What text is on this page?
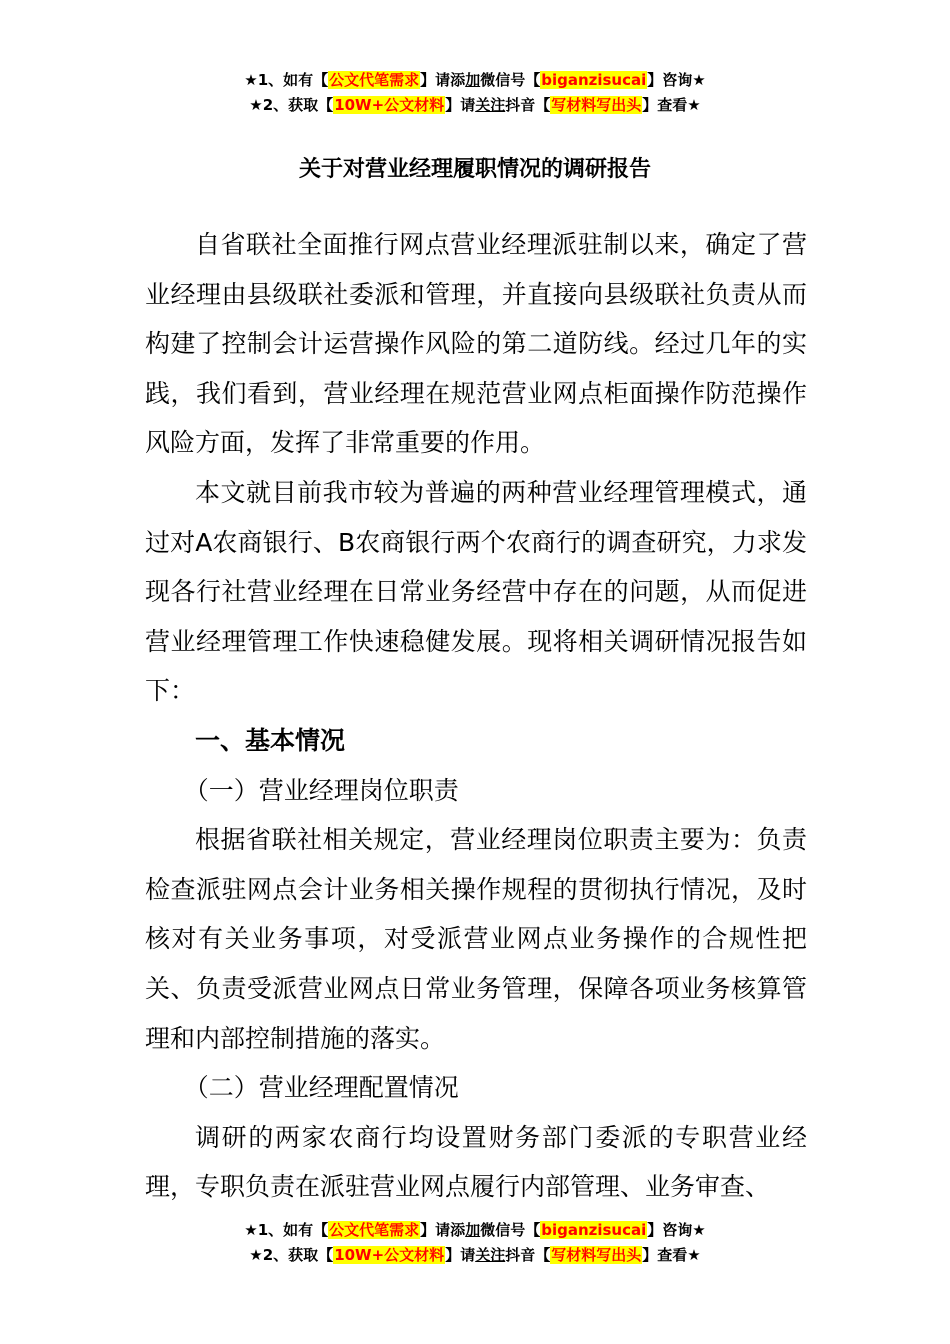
★1、如有【公文代笔需求】请添加微信号【biganzisucai】咨询★
★2、获取【10W+公文材料】请关注抖音【写材料写出头】查看★
关于对营业经理履职情况的调研报告

自省联社全面推行网点营业经理派驻制以来，确定了营业经理由县级联社委派和管理，并直接向县级联社负责从而构建了控制会计运营操作风险的第二道防线。经过几年的实践，我们看到，营业经理在规范营业网点柜面操作防范操作风险方面，发挥了非常重要的作用。

本文就目前我市较为普遍的两种营业经理管理模式，通过对A农商银行、B农商银行两个农商行的调查研究，力求发现各行社营业经理在日常业务经营中存在的问题，从而促进营业经理管理工作快速稳健发展。现将相关调研情况报告如下：

一、基本情况

（一）营业经理岗位职责

根据省联社相关规定，营业经理岗位职责主要为：负责检查派驻网点会计业务相关操作规程的贯彻执行情况，及时核对有关业务事项，对受派营业网点业务操作的合规性把关、负责受派营业网点日常业务管理，保障各项业务核算管理和内部控制措施的落实。

（二）营业经理配置情况

调研的两家农商行均设置财务部门委派的专职营业经理，专职负责在派驻营业网点履行内部管理、业务审查、

★1、如有【公文代笔需求】请添加微信号【biganzisucai】咨询★
★2、获取【10W+公文材料】请关注抖音【写材料写出头】查看★
